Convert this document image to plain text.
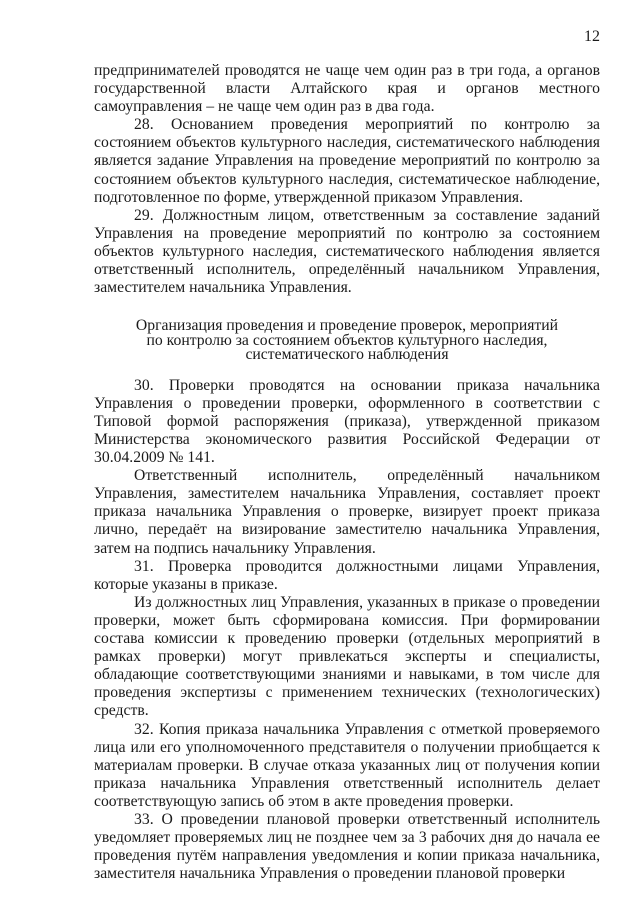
12

предпринимателей проводятся не чаще чем один раз в три года, а органов государственной власти Алтайского края и органов местного самоуправления – не чаще чем один раз в два года.

28. Основанием проведения мероприятий по контролю за состоянием объектов культурного наследия, систематического наблюдения является задание Управления на проведение мероприятий по контролю за состоянием объектов культурного наследия, систематическое наблюдение, подготовленное по форме, утвержденной приказом Управления.

29. Должностным лицом, ответственным за составление заданий Управления на проведение мероприятий по контролю за состоянием объектов культурного наследия, систематического наблюдения является ответственный исполнитель, определённый начальником Управления, заместителем начальника Управления.

Организация проведения и проведение проверок, мероприятий
по контролю за состоянием объектов культурного наследия,
систематического наблюдения

30. Проверки проводятся на основании приказа начальника Управления о проведении проверки, оформленного в соответствии с Типовой формой распоряжения (приказа), утвержденной приказом Министерства экономического развития Российской Федерации от 30.04.2009 № 141.

Ответственный исполнитель, определённый начальником Управления, заместителем начальника Управления, составляет проект приказа начальника Управления о проверке, визирует проект приказа лично, передаёт на визирование заместителю начальника Управления, затем на подпись начальнику Управления.

31. Проверка проводится должностными лицами Управления, которые указаны в приказе.

Из должностных лиц Управления, указанных в приказе о проведении проверки, может быть сформирована комиссия. При формировании состава комиссии к проведению проверки (отдельных мероприятий в рамках проверки) могут привлекаться эксперты и специалисты, обладающие соответствующими знаниями и навыками, в том числе для проведения экспертизы с применением технических (технологических) средств.

32. Копия приказа начальника Управления с отметкой проверяемого лица или его уполномоченного представителя о получении приобщается к материалам проверки. В случае отказа указанных лиц от получения копии приказа начальника Управления ответственный исполнитель делает соответствующую запись об этом в акте проведения проверки.

33. О проведении плановой проверки ответственный исполнитель уведомляет проверяемых лиц не позднее чем за 3 рабочих дня до начала ее проведения путём направления уведомления и копии приказа начальника, заместителя начальника Управления о проведении плановой проверки
